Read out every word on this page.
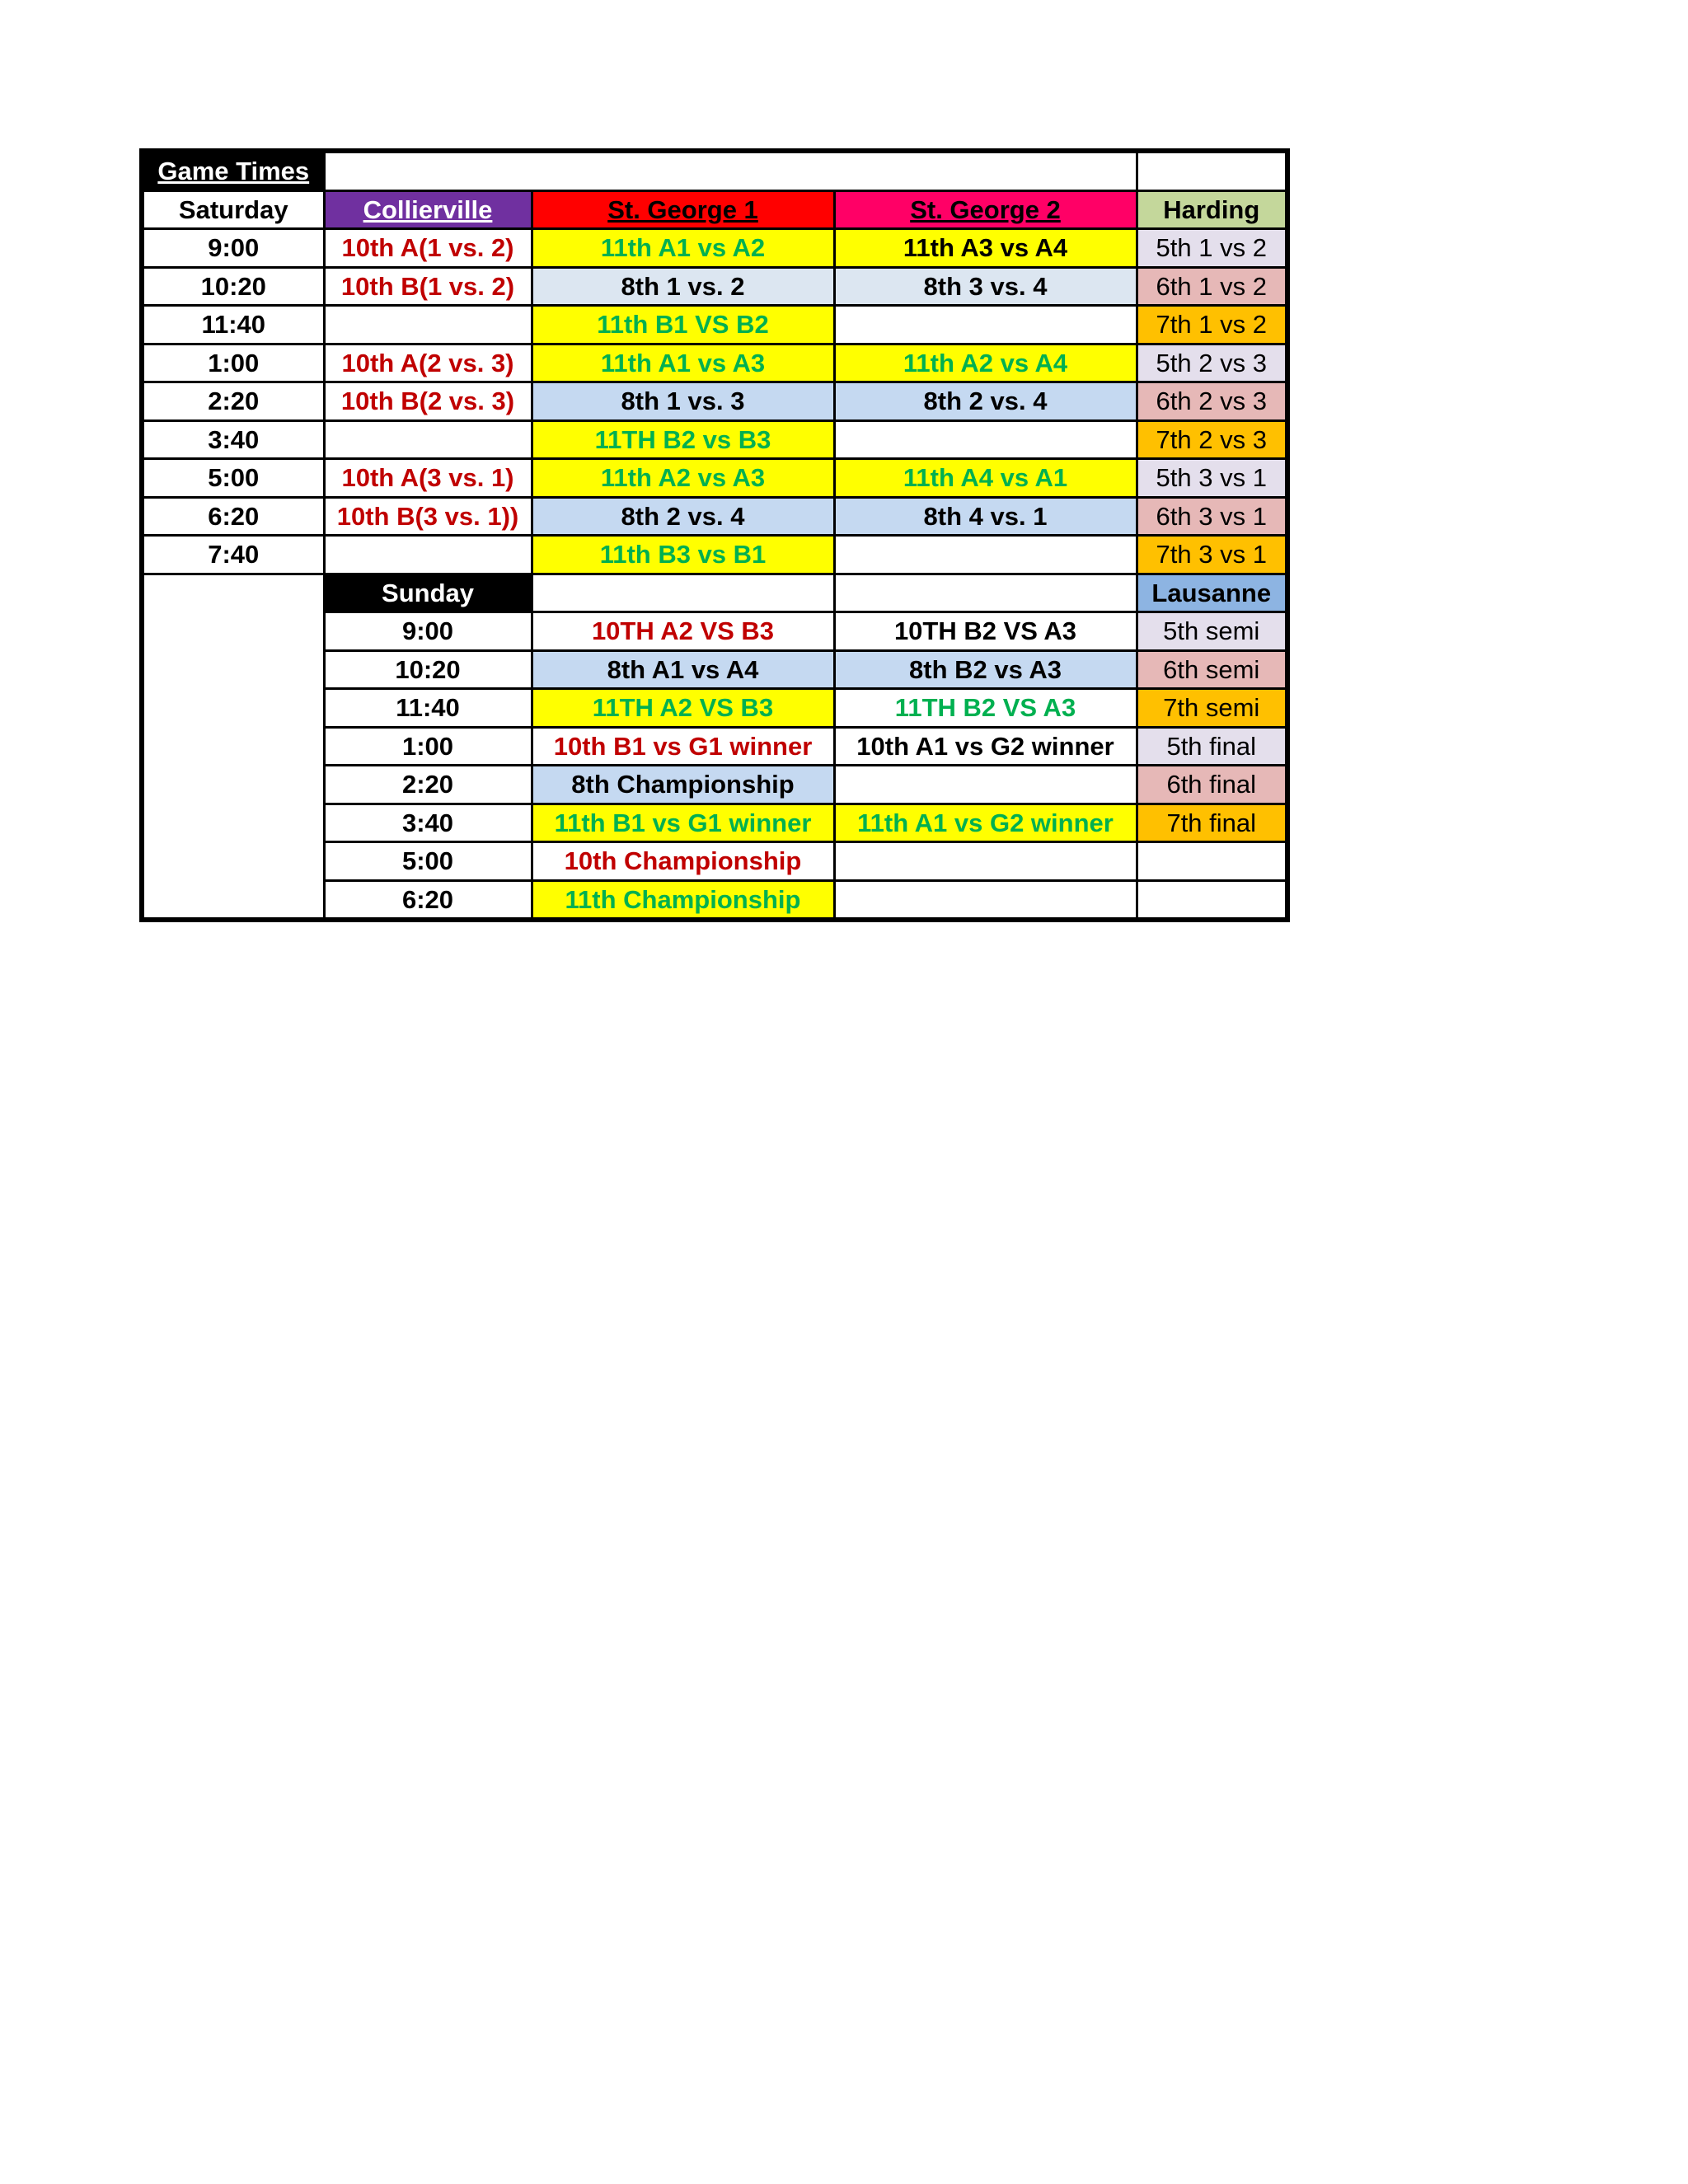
Game Times				
Saturday	Collierville	St. George 1	St. George 2	Harding
9:00	10th A(1 vs. 2)	11th A1 vs A2	11th A3 vs A4	5th 1 vs 2
10:20	10th B(1 vs. 2)	8th 1 vs. 2	8th 3 vs. 4	6th 1 vs 2
11:40		11th B1 VS B2		7th 1 vs 2
1:00	10th A(2 vs. 3)	11th A1 vs A3	11th A2 vs A4	5th 2 vs 3
2:20	10th B(2 vs. 3)	8th 1 vs. 3	8th 2 vs. 4	6th 2 vs 3
3:40		11TH B2 vs B3		7th 2 vs 3
5:00	10th A(3 vs. 1)	11th A2 vs A3	11th A4 vs A1	5th 3 vs 1
6:20	10th B(3 vs. 1))	8th 2 vs. 4	8th 4 vs. 1	6th 3 vs 1
7:40		11th B3 vs B1		7th 3 vs 1
	Sunday			Lausanne
	9:00	10TH A2 VS B3	10TH B2 VS A3	5th semi
	10:20	8th A1 vs A4	8th B2 vs A3	6th semi
	11:40	11TH A2 VS B3	11TH B2 VS A3	7th semi
	1:00	10th B1 vs G1 winner	10th A1 vs G2 winner	5th final
	2:20	8th Championship		6th final
	3:40	11th B1 vs G1 winner	11th A1 vs G2 winner	7th final
	5:00	10th Championship		
	6:20	11th Championship		
